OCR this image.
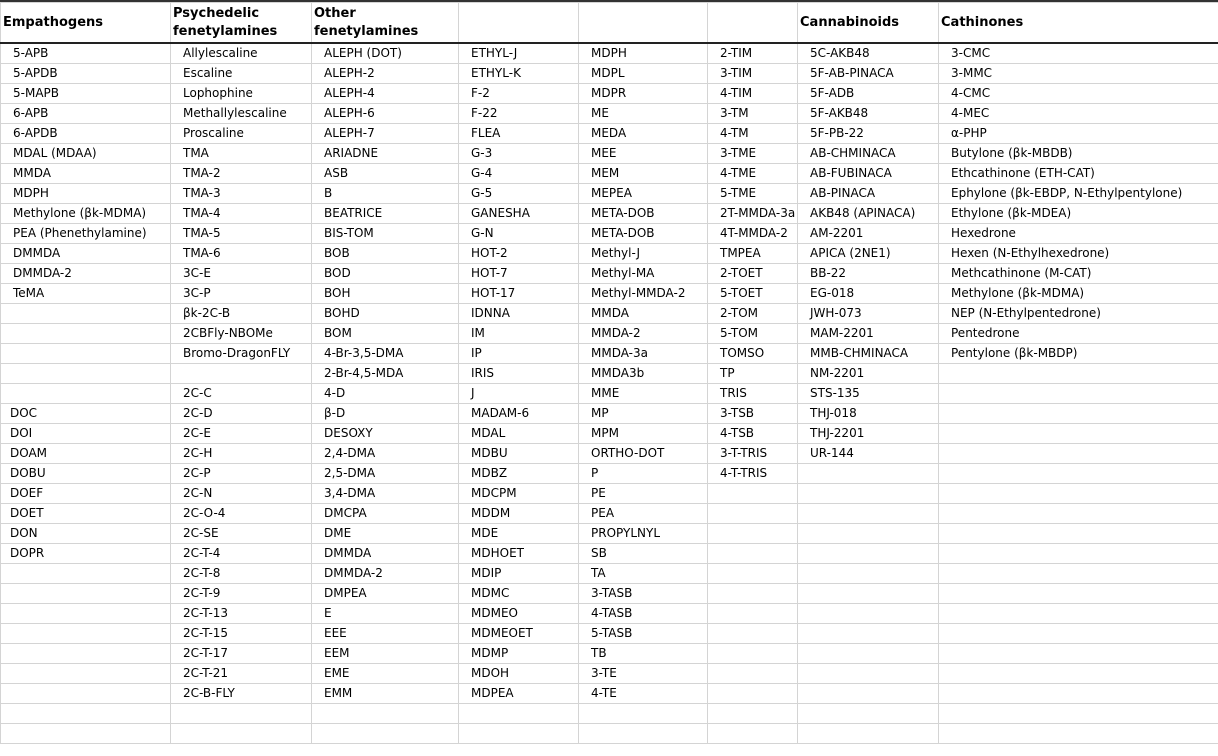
Empathogens	Psychedelic fenetylamines	Other fenetylamines				Cannabinoids	Cathinones
5-APB	Allylescaline	ALEPH (DOT)	ETHYL-J	MDPH	2-TIM	5C-AKB48	3-CMC
5-APDB	Escaline	ALEPH-2	ETHYL-K	MDPL	3-TIM	5F-AB-PINACA	3-MMC
5-MAPB	Lophophine	ALEPH-4	F-2	MDPR	4-TIM	5F-ADB	4-CMC
6-APB	Methallylescaline	ALEPH-6	F-22	ME	3-TM	5F-AKB48	4-MEC
6-APDB	Proscaline	ALEPH-7	FLEA	MEDA	4-TM	5F-PB-22	α-PHP
MDAL (MDAA)	TMA	ARIADNE	G-3	MEE	3-TME	AB-CHMINACA	Butylone (βk-MBDB)
MMDA	TMA-2	ASB	G-4	MEM	4-TME	AB-FUBINACA	Ethcathinone (ETH-CAT)
MDPH	TMA-3	B	G-5	MEPEA	5-TME	AB-PINACA	Ephylone (βk-EBDP, N-Ethylpentylone)
Methylone (βk-MDMA)	TMA-4	BEATRICE	GANESHA	META-DOB	2T-MMDA-3a	AKB48 (APINACA)	Ethylone (βk-MDEA)
PEA (Phenethylamine)	TMA-5	BIS-TOM	G-N	META-DOB	4T-MMDA-2	AM-2201	Hexedrone
DMMDA	TMA-6	BOB	HOT-2	Methyl-J	TMPEA	APICA (2NE1)	Hexen (N-Ethylhexedrone)
DMMDA-2	3C-E	BOD	HOT-7	Methyl-MA	2-TOET	BB-22	Methcathinone (M-CAT)
TeMA	3C-P	BOH	HOT-17	Methyl-MMDA-2	5-TOET	EG-018	Methylone (βk-MDMA)
	βk-2C-B	BOHD	IDNNA	MMDA	2-TOM	JWH-073	NEP (N-Ethylpentedrone)
	2CBFly-NBOMe	BOM	IM	MMDA-2	5-TOM	MAM-2201	Pentedrone
	Bromo-DragonFLY	4-Br-3,5-DMA	IP	MMDA-3a	TOMSO	MMB-CHMINACA	Pentylone (βk-MBDP)
		2-Br-4,5-MDA	IRIS	MMDA3b	TP	NM-2201	
	2C-C	4-D	J	MME	TRIS	STS-135	
DOC	2C-D	β-D	MADAM-6	MP	3-TSB	THJ-018	
DOI	2C-E	DESOXY	MDAL	MPM	4-TSB	THJ-2201	
DOAM	2C-H	2,4-DMA	MDBU	ORTHO-DOT	3-T-TRIS	UR-144	
DOBU	2C-P	2,5-DMA	MDBZ	P	4-T-TRIS		
DOEF	2C-N	3,4-DMA	MDCPM	PE			
DOET	2C-O-4	DMCPA	MDDM	PEA			
DON	2C-SE	DME	MDE	PROPYLNYL			
DOPR	2C-T-4	DMMDA	MDHOET	SB			
	2C-T-8	DMMDA-2	MDIP	TA			
	2C-T-9	DMPEA	MDMC	3-TASB			
	2C-T-13	E	MDMEO	4-TASB			
	2C-T-15	EEE	MDMEOET	5-TASB			
	2C-T-17	EEM	MDMP	TB			
	2C-T-21	EME	MDOH	3-TE			
	2C-B-FLY	EMM	MDPEA	4-TE			
